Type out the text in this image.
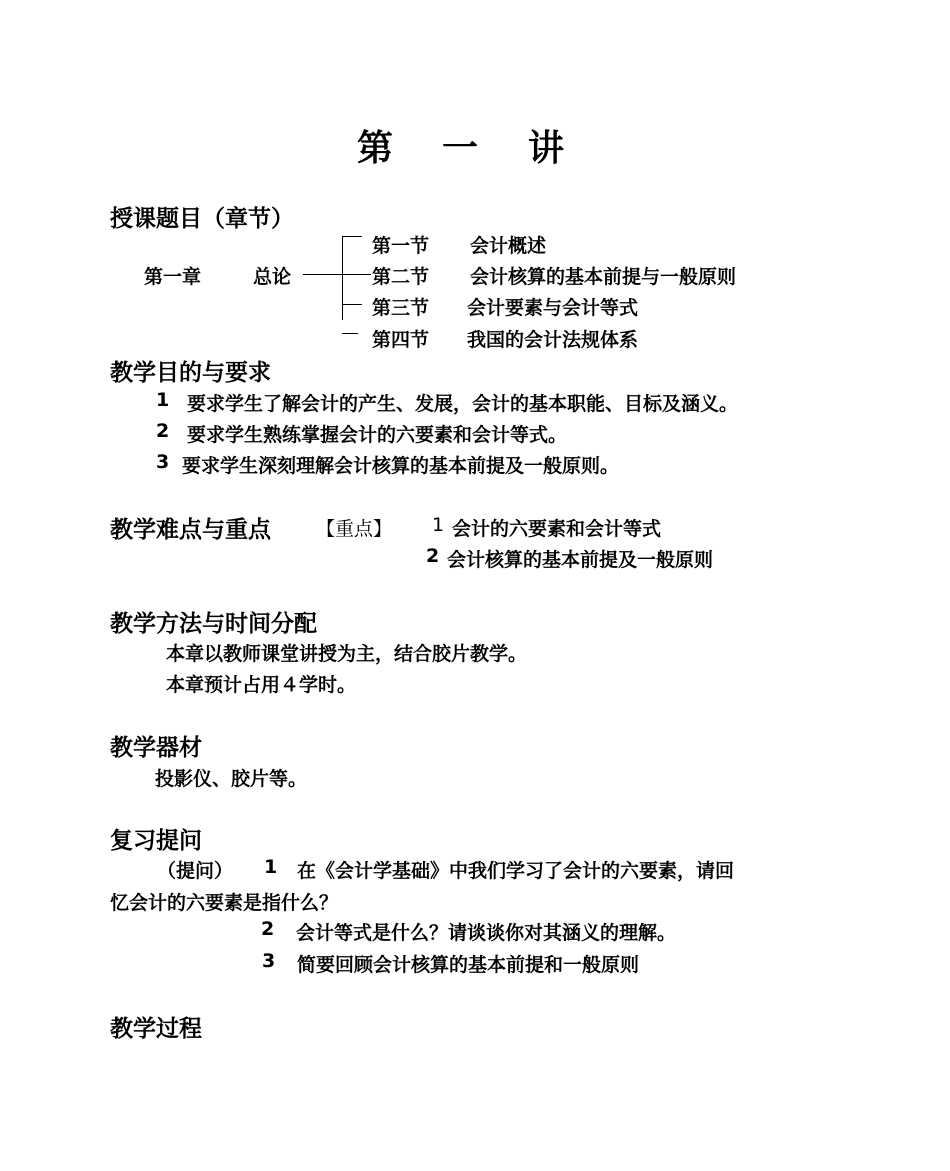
第 一 讲
授课题目（章节）
第一章	总论
第一节 会计概述
第二节 会计核算的基本前提与一般原则
第三节 会计要素与会计等式
第四节 我国的会计法规体系
教学目的与要求
1 要求学生了解会计的产生、发展，会计的基本职能、目标及涵义。
2 要求学生熟练掌握会计的六要素和会计等式。
3 要求学生深刻理解会计核算的基本前提及一般原则。
教学难点与重点 【重点】 1 会计的六要素和会计等式
2 会计核算的基本前提及一般原则
教学方法与时间分配
本章以教师课堂讲授为主，结合胶片教学。
本章预计占用４学时。
教学器材
投影仪、胶片等。
复习提问
（提问） 1 在《会计学基础》中我们学习了会计的六要素，请回
忆会计的六要素是指什么？
2 会计等式是什么？请谈谈你对其涵义的理解。
3 简要回顾会计核算的基本前提和一般原则
教学过程
